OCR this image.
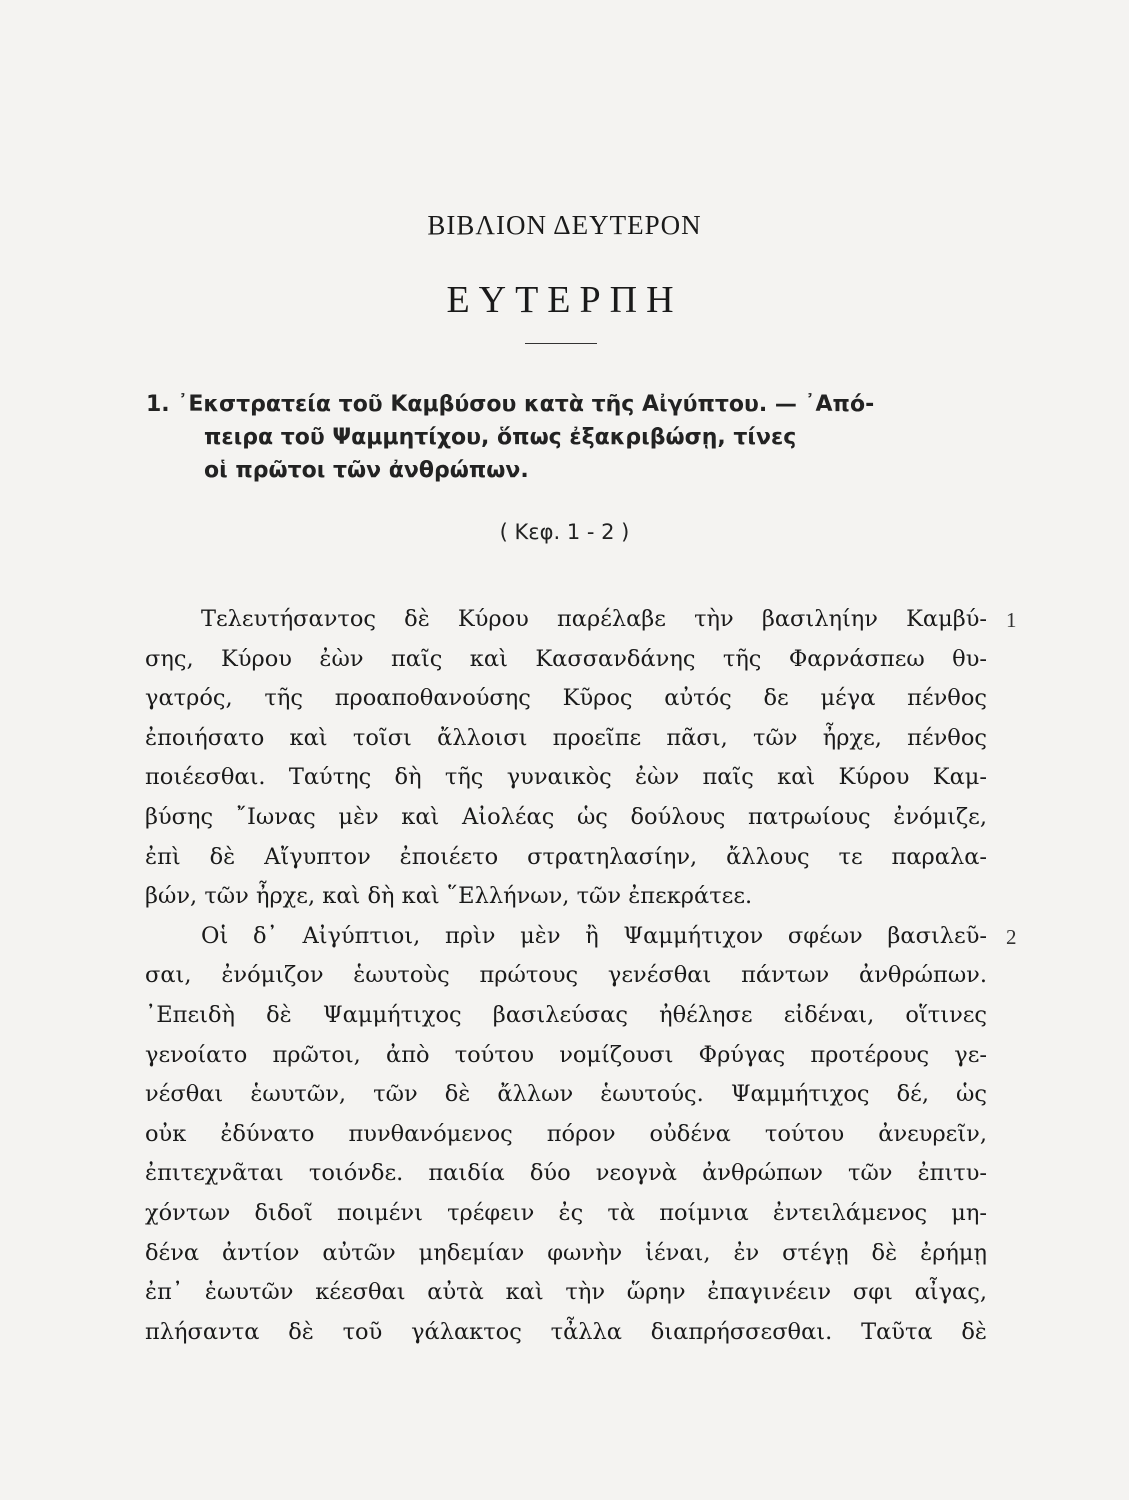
ΒΙΒΛΙΟΝ ΔΕΥΤΕΡΟΝ
ΕΥΤΕΡΠΗ
1. ᾿Εκστρατεία τοῦ Καμβύσου κατὰ τῆς Αἰγύπτου. — ᾿Από-
πειρα τοῦ Ψαμμητίχου, ὅπως ἐξακριβώσῃ, τίνες
οἱ πρῶτοι τῶν ἀνθρώπων.
( Κεφ. 1 - 2 )
Τελευτήσαντος δὲ Κύρου παρέλαβε τὴν βασιληίην Καμβύ-
σης, Κύρου ἐὼν παῖς καὶ Κασσανδάνης τῆς Φαρνάσπεω θυ-
γατρός, τῆς προαποθανούσης Κῦρος αὐτός δε μέγα πένθος
ἐποιήσατο καὶ τοῖσι ἄλλοισι προεῖπε πᾶσι, τῶν ἦρχε, πένθος
ποιέεσθαι. Ταύτης δὴ τῆς γυναικὸς ἐὼν παῖς καὶ Κύρου Καμ-
βύσης ῎Ιωνας μὲν καὶ Αἰολέας ὡς δούλους πατρωίους ἐνόμιζε,
ἐπὶ δὲ Αἴγυπτον ἐποιέετο στρατηλασίην, ἄλλους τε παραλα-
βών, τῶν ἦρχε, καὶ δὴ καὶ ῞Ελλήνων, τῶν ἐπεκράτεε.
Οἱ δ᾿ Αἰγύπτιοι, πρὶν μὲν ἢ Ψαμμήτιχον σφέων βασιλεῦ-
σαι, ἐνόμιζον ἑωυτοὺς πρώτους γενέσθαι πάντων ἀνθρώπων.
᾿Επειδὴ δὲ Ψαμμήτιχος βασιλεύσας ἠθέλησε εἰδέναι, οἵτινες
γενοίατο πρῶτοι, ἀπὸ τούτου νομίζουσι Φρύγας προτέρους γε-
νέσθαι ἑωυτῶν, τῶν δὲ ἄλλων ἑωυτούς. Ψαμμήτιχος δέ, ὡς
οὐκ ἐδύνατο πυνθανόμενος πόρον οὐδένα τούτου ἀνευρεῖν,
ἐπιτεχνᾶται τοιόνδε. παιδία δύο νεογνὰ ἀνθρώπων τῶν ἐπιτυ-
χόντων διδοῖ ποιμένι τρέφειν ἐς τὰ ποίμνια ἐντειλάμενος μη-
δένα ἀντίον αὐτῶν μηδεμίαν φωνὴν ἱέναι, ἐν στέγῃ δὲ ἐρήμῃ
ἐπ᾿ ἑωυτῶν κέεσθαι αὐτὰ καὶ τὴν ὥρην ἐπαγινέειν σφι αἶγας,
πλήσαντα δὲ τοῦ γάλακτος τἆλλα διαπρήσσεσθαι. Ταῦτα δὲ
1
2
